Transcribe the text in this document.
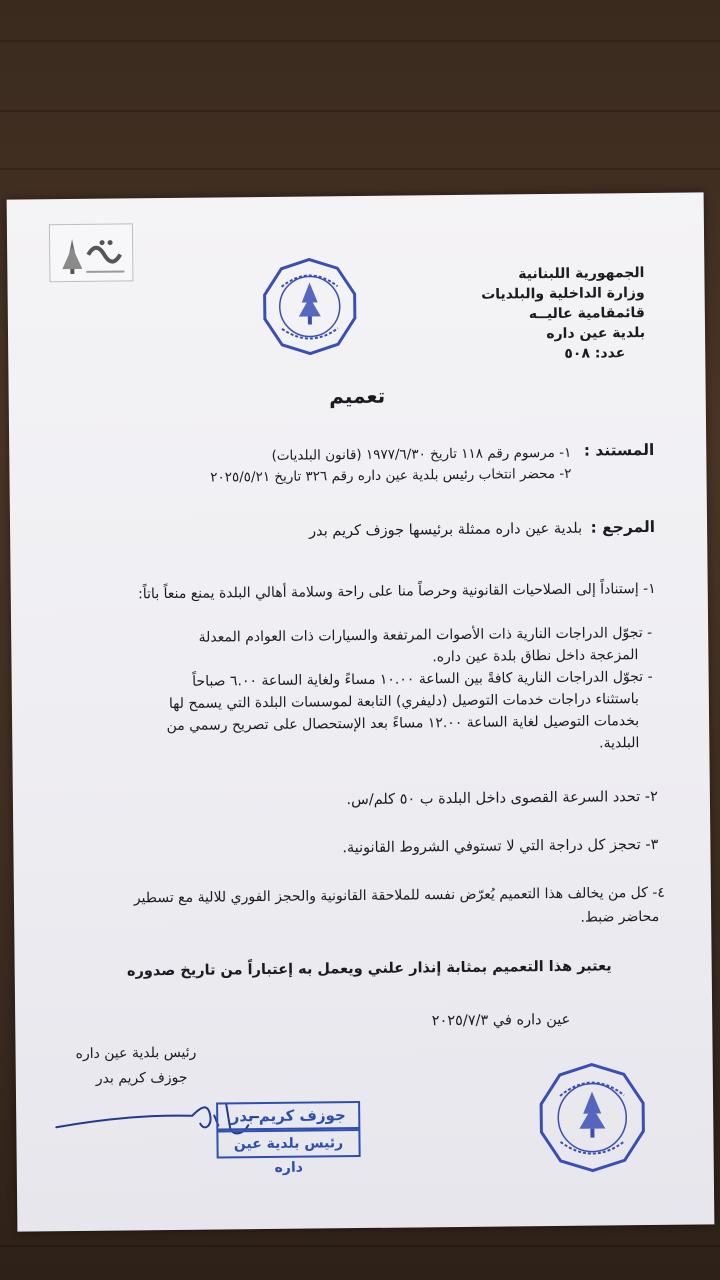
الجمهورية اللبنانية
وزارة الداخلية والبلديات
قائمقامية عاليــه
بلدية عين داره
عدد: ٥٠٨
تعميم
المستند :
١- مرسوم رقم ١١٨ تاريخ ١٩٧٧/٦/٣٠ (قانون البلديات)
٢- محضر انتخاب رئيس بلدية عين داره رقم ٣٢٦ تاريخ ٢٠٢٥/٥/٢١
المرجع :
بلدية عين داره ممثلة برئيسها جوزف كريم بدر
١- إستناداً إلى الصلاحيات القانونية وحرصاً منا على راحة وسلامة أهالي البلدة يمنع منعاً باتاً:
- تجوّل الدراجات النارية ذات الأصوات المرتفعة والسيارات ذات العوادم المعدلة
المزعجة داخل نطاق بلدة عين داره.
- تجوّل الدراجات النارية كافةً بين الساعة ١٠.٠٠ مساءً ولغاية الساعة ٦.٠٠ صباحاً
باستثناء دراجات خدمات التوصيل (دليفري) التابعة لموسسات البلدة التي يسمح لها
بخدمات التوصيل لغاية الساعة ١٢.٠٠ مساءً بعد الإستحصال على تصريح رسمي من
البلدية.
٢- تحدد السرعة القصوى داخل البلدة ب ٥٠ كلم/س.
٣- تحجز كل دراجة التي لا تستوفي الشروط القانونية.
٤- كل من يخالف هذا التعميم يُعرّض نفسه للملاحقة القانونية والحجز الفوري للالية مع تسطير
محاضر ضبط.
يعتبر هذا التعميم بمثابة إنذار علني ويعمل به إعتباراً من تاريخ صدوره
عين داره في ٢٠٢٥/٧/٣
رئيس بلدية عين داره
جوزف كريم بدر
جوزف كريم بدر
رئيس بلدية عين داره
